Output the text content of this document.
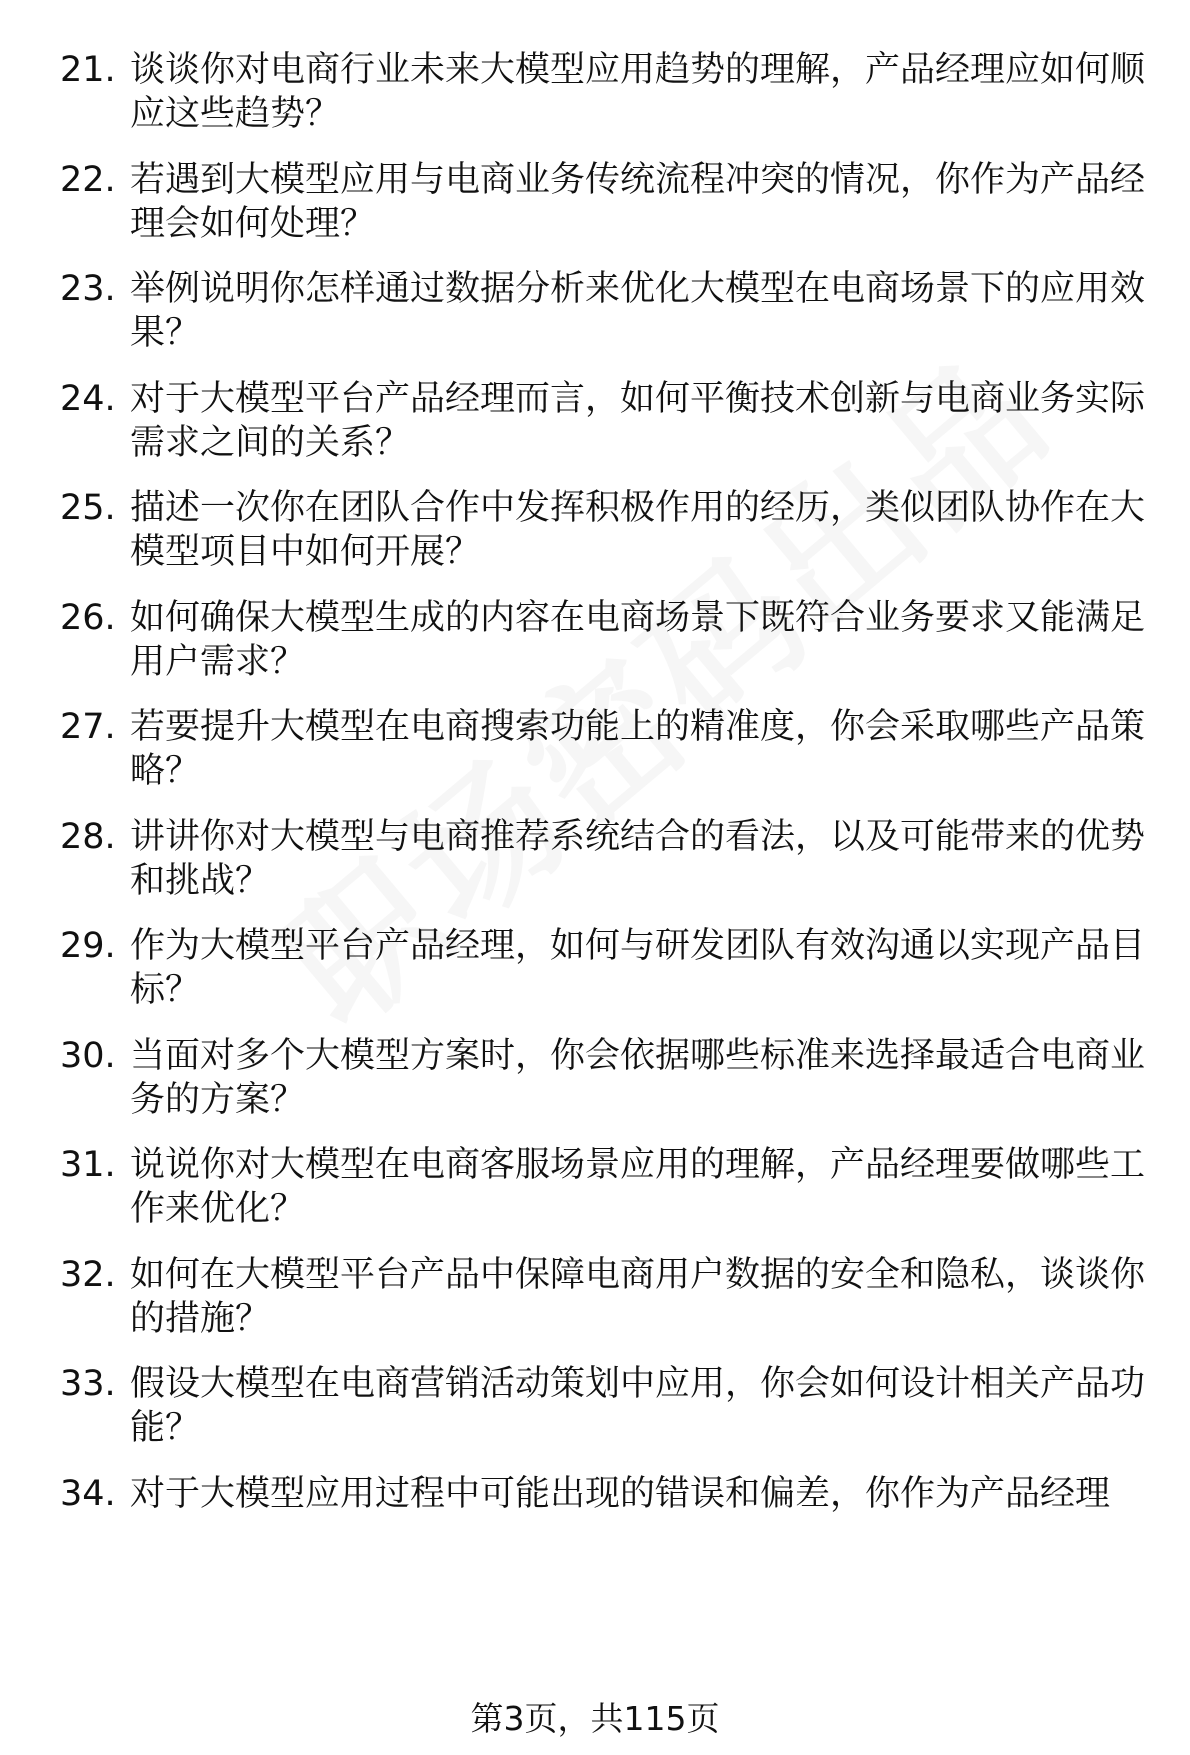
21. 谈谈你对电商行业未来大模型应用趋势的理解，产品经理应如何顺应这些趋势？
22. 若遇到大模型应用与电商业务传统流程冲突的情况，你作为产品经理会如何处理？
23. 举例说明你怎样通过数据分析来优化大模型在电商场景下的应用效果？
24. 对于大模型平台产品经理而言，如何平衡技术创新与电商业务实际需求之间的关系？
25. 描述一次你在团队合作中发挥积极作用的经历，类似团队协作在大模型项目中如何开展？
26. 如何确保大模型生成的内容在电商场景下既符合业务要求又能满足用户需求？
27. 若要提升大模型在电商搜索功能上的精准度，你会采取哪些产品策略？
28. 讲讲你对大模型与电商推荐系统结合的看法，以及可能带来的优势和挑战？
29. 作为大模型平台产品经理，如何与研发团队有效沟通以实现产品目标？
30. 当面对多个大模型方案时，你会依据哪些标准来选择最适合电商业务的方案？
31. 说说你对大模型在电商客服场景应用的理解，产品经理要做哪些工作来优化？
32. 如何在大模型平台产品中保障电商用户数据的安全和隐私，谈谈你的措施？
33. 假设大模型在电商营销活动策划中应用，你会如何设计相关产品功能？
34. 对于大模型应用过程中可能出现的错误和偏差，你作为产品经理
第3页，共115页
